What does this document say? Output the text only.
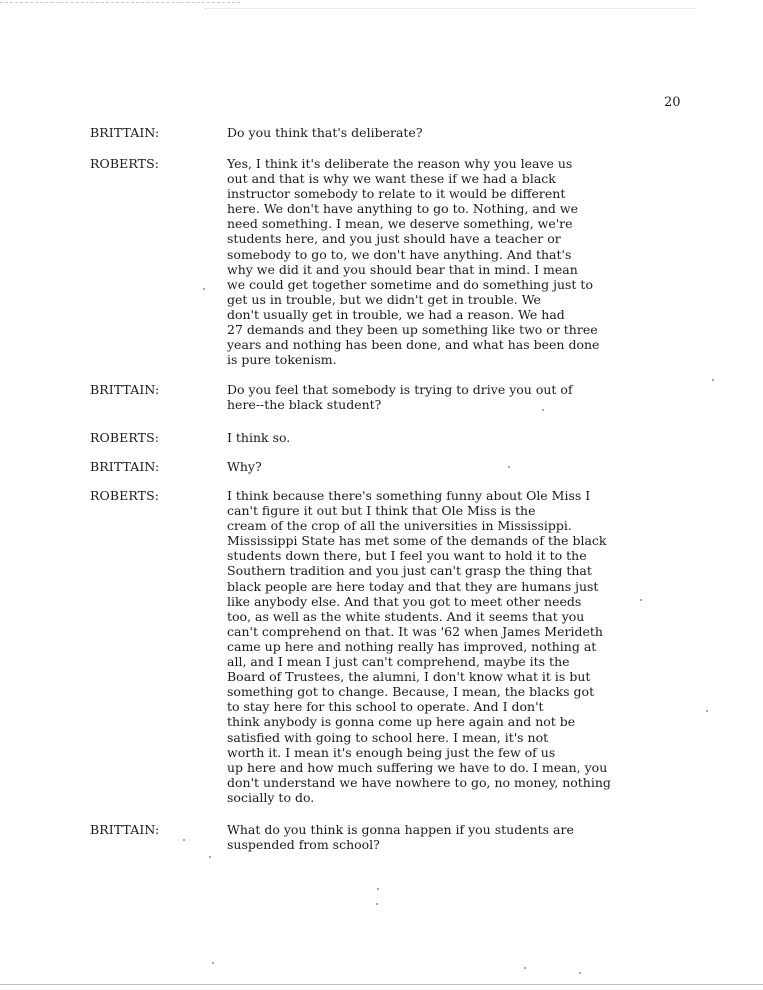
20
BRITTAIN:	Do you think that's deliberate?
ROBERTS:	Yes, I think it's deliberate the reason why you leave us
out and that is why we want these if we had a black
instructor somebody to relate to it would be different
here. We don't have anything to go to. Nothing, and we
need something. I mean, we deserve something, we're
students here, and you just should have a teacher or
somebody to go to, we don't have anything. And that's
why we did it and you should bear that in mind. I mean
we could get together sometime and do something just to
get us in trouble, but we didn't get in trouble. We
don't usually get in trouble, we had a reason. We had
27 demands and they been up something like two or three
years and nothing has been done, and what has been done
is pure tokenism.
BRITTAIN:	Do you feel that somebody is trying to drive you out of
here--the black student?
ROBERTS:	I think so.
BRITTAIN:	Why?
ROBERTS:	I think because there's something funny about Ole Miss I
can't figure it out but I think that Ole Miss is the
cream of the crop of all the universities in Mississippi.
Mississippi State has met some of the demands of the black
students down there, but I feel you want to hold it to the
Southern tradition and you just can't grasp the thing that
black people are here today and that they are humans just
like anybody else. And that you got to meet other needs
too, as well as the white students. And it seems that you
can't comprehend on that. It was '62 when James Merideth
came up here and nothing really has improved, nothing at
all, and I mean I just can't comprehend, maybe its the
Board of Trustees, the alumni, I don't know what it is but
something got to change. Because, I mean, the blacks got
to stay here for this school to operate. And I don't
think anybody is gonna come up here again and not be
satisfied with going to school here. I mean, it's not
worth it. I mean it's enough being just the few of us
up here and how much suffering we have to do. I mean, you
don't understand we have nowhere to go, no money, nothing
socially to do.
BRITTAIN:	What do you think is gonna happen if you students are
suspended from school?
